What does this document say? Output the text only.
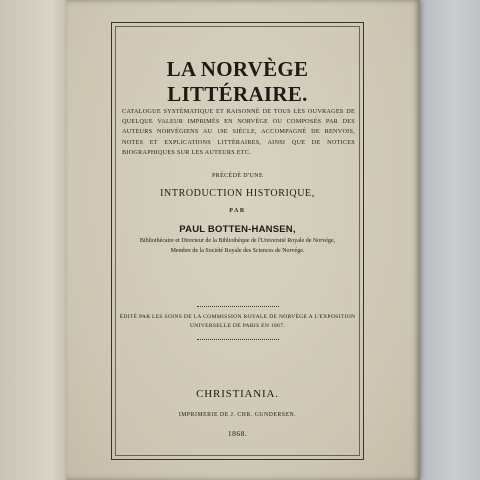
LA NORVÈGE LITTÉRAIRE.
CATALOGUE SYSTÉMATIQUE ET RAISONNÉ DE TOUS LES OUVRAGES DE QUELQUE VALEUR IMPRIMÉS EN NORVÈGE OU COMPOSÉS PAR DES AUTEURS NORVÉGIENS AU 19E SIÈCLE, ACCOMPAGNÉ DE RENVOIS, NOTES ET EXPLICATIONS LITTÉRAIRES, AINSI QUE DE NOTICES BIOGRAPHIQUES SUR LES AUTEURS ETC.
PRÉCÉDÉ D'UNE
INTRODUCTION HISTORIQUE,
PAR
PAUL BOTTEN-HANSEN,
Bibliothécaire et Directeur de la Bibliothèque de l'Université Royale de Norvége,
Membre de la Société Royale des Sciences de Norvége.
ÉDITÉ PAR LES SOINS DE LA COMMISSION ROYALE DE NORVÈGE A L'EXPOSITION
UNIVERSELLE DE PARIS EN 1867.
CHRISTIANIA.
IMPRIMERIE DE J. CHR. GUNDERSEN.
1868.
